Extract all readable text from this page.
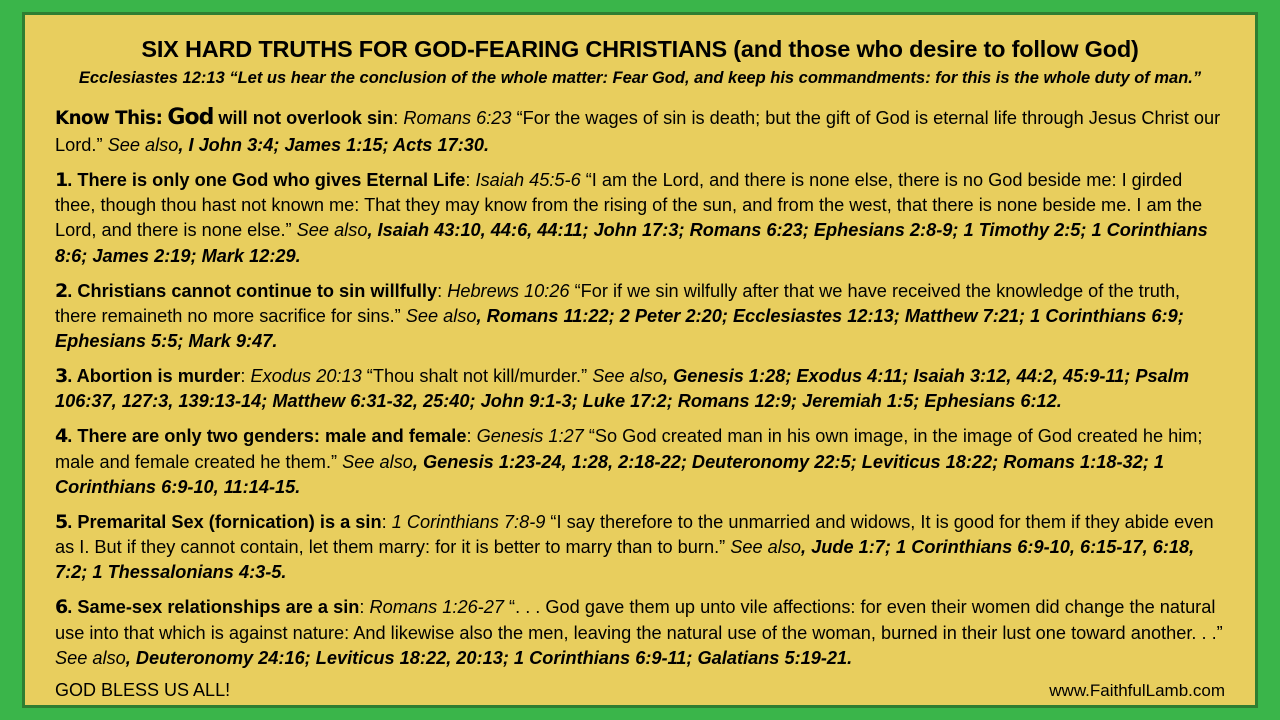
SIX HARD TRUTHS FOR GOD-FEARING CHRISTIANS (and those who desire to follow God)
Ecclesiastes 12:13 “Let us hear the conclusion of the whole matter: Fear God, and keep his commandments: for this is the whole duty of man.”
Know This: God will not overlook sin: Romans 6:23 “For the wages of sin is death; but the gift of God is eternal life through Jesus Christ our Lord.” See also, I John 3:4; James 1:15; Acts 17:30.
1. There is only one God who gives Eternal Life: Isaiah 45:5-6 “I am the Lord, and there is none else, there is no God beside me: I girded thee, though thou hast not known me: That they may know from the rising of the sun, and from the west, that there is none beside me. I am the Lord, and there is none else.” See also, Isaiah 43:10, 44:6, 44:11; John 17:3; Romans 6:23; Ephesians 2:8-9; 1 Timothy 2:5; 1 Corinthians 8:6; James 2:19; Mark 12:29.
2. Christians cannot continue to sin willfully: Hebrews 10:26 “For if we sin wilfully after that we have received the knowledge of the truth, there remaineth no more sacrifice for sins.” See also, Romans 11:22; 2 Peter 2:20; Ecclesiastes 12:13; Matthew 7:21; 1 Corinthians 6:9; Ephesians 5:5; Mark 9:47.
3. Abortion is murder: Exodus 20:13 “Thou shalt not kill/murder.” See also, Genesis 1:28; Exodus 4:11; Isaiah 3:12, 44:2, 45:9-11; Psalm 106:37, 127:3, 139:13-14; Matthew 6:31-32, 25:40; John 9:1-3; Luke 17:2; Romans 12:9; Jeremiah 1:5; Ephesians 6:12.
4. There are only two genders: male and female: Genesis 1:27 “So God created man in his own image, in the image of God created he him; male and female created he them.” See also, Genesis 1:23-24, 1:28, 2:18-22; Deuteronomy 22:5; Leviticus 18:22; Romans 1:18-32; 1 Corinthians 6:9-10, 11:14-15.
5. Premarital Sex (fornication) is a sin: 1 Corinthians 7:8-9 “I say therefore to the unmarried and widows, It is good for them if they abide even as I. But if they cannot contain, let them marry: for it is better to marry than to burn.” See also, Jude 1:7; 1 Corinthians 6:9-10, 6:15-17, 6:18, 7:2; 1 Thessalonians 4:3-5.
6. Same-sex relationships are a sin: Romans 1:26-27 “. . . God gave them up unto vile affections: for even their women did change the natural use into that which is against nature: And likewise also the men, leaving the natural use of the woman, burned in their lust one toward another. . .” See also, Deuteronomy 24:16; Leviticus 18:22, 20:13; 1 Corinthians 6:9-11; Galatians 5:19-21.
GOD BLESS US ALL!	www.FaithfulLamb.com
